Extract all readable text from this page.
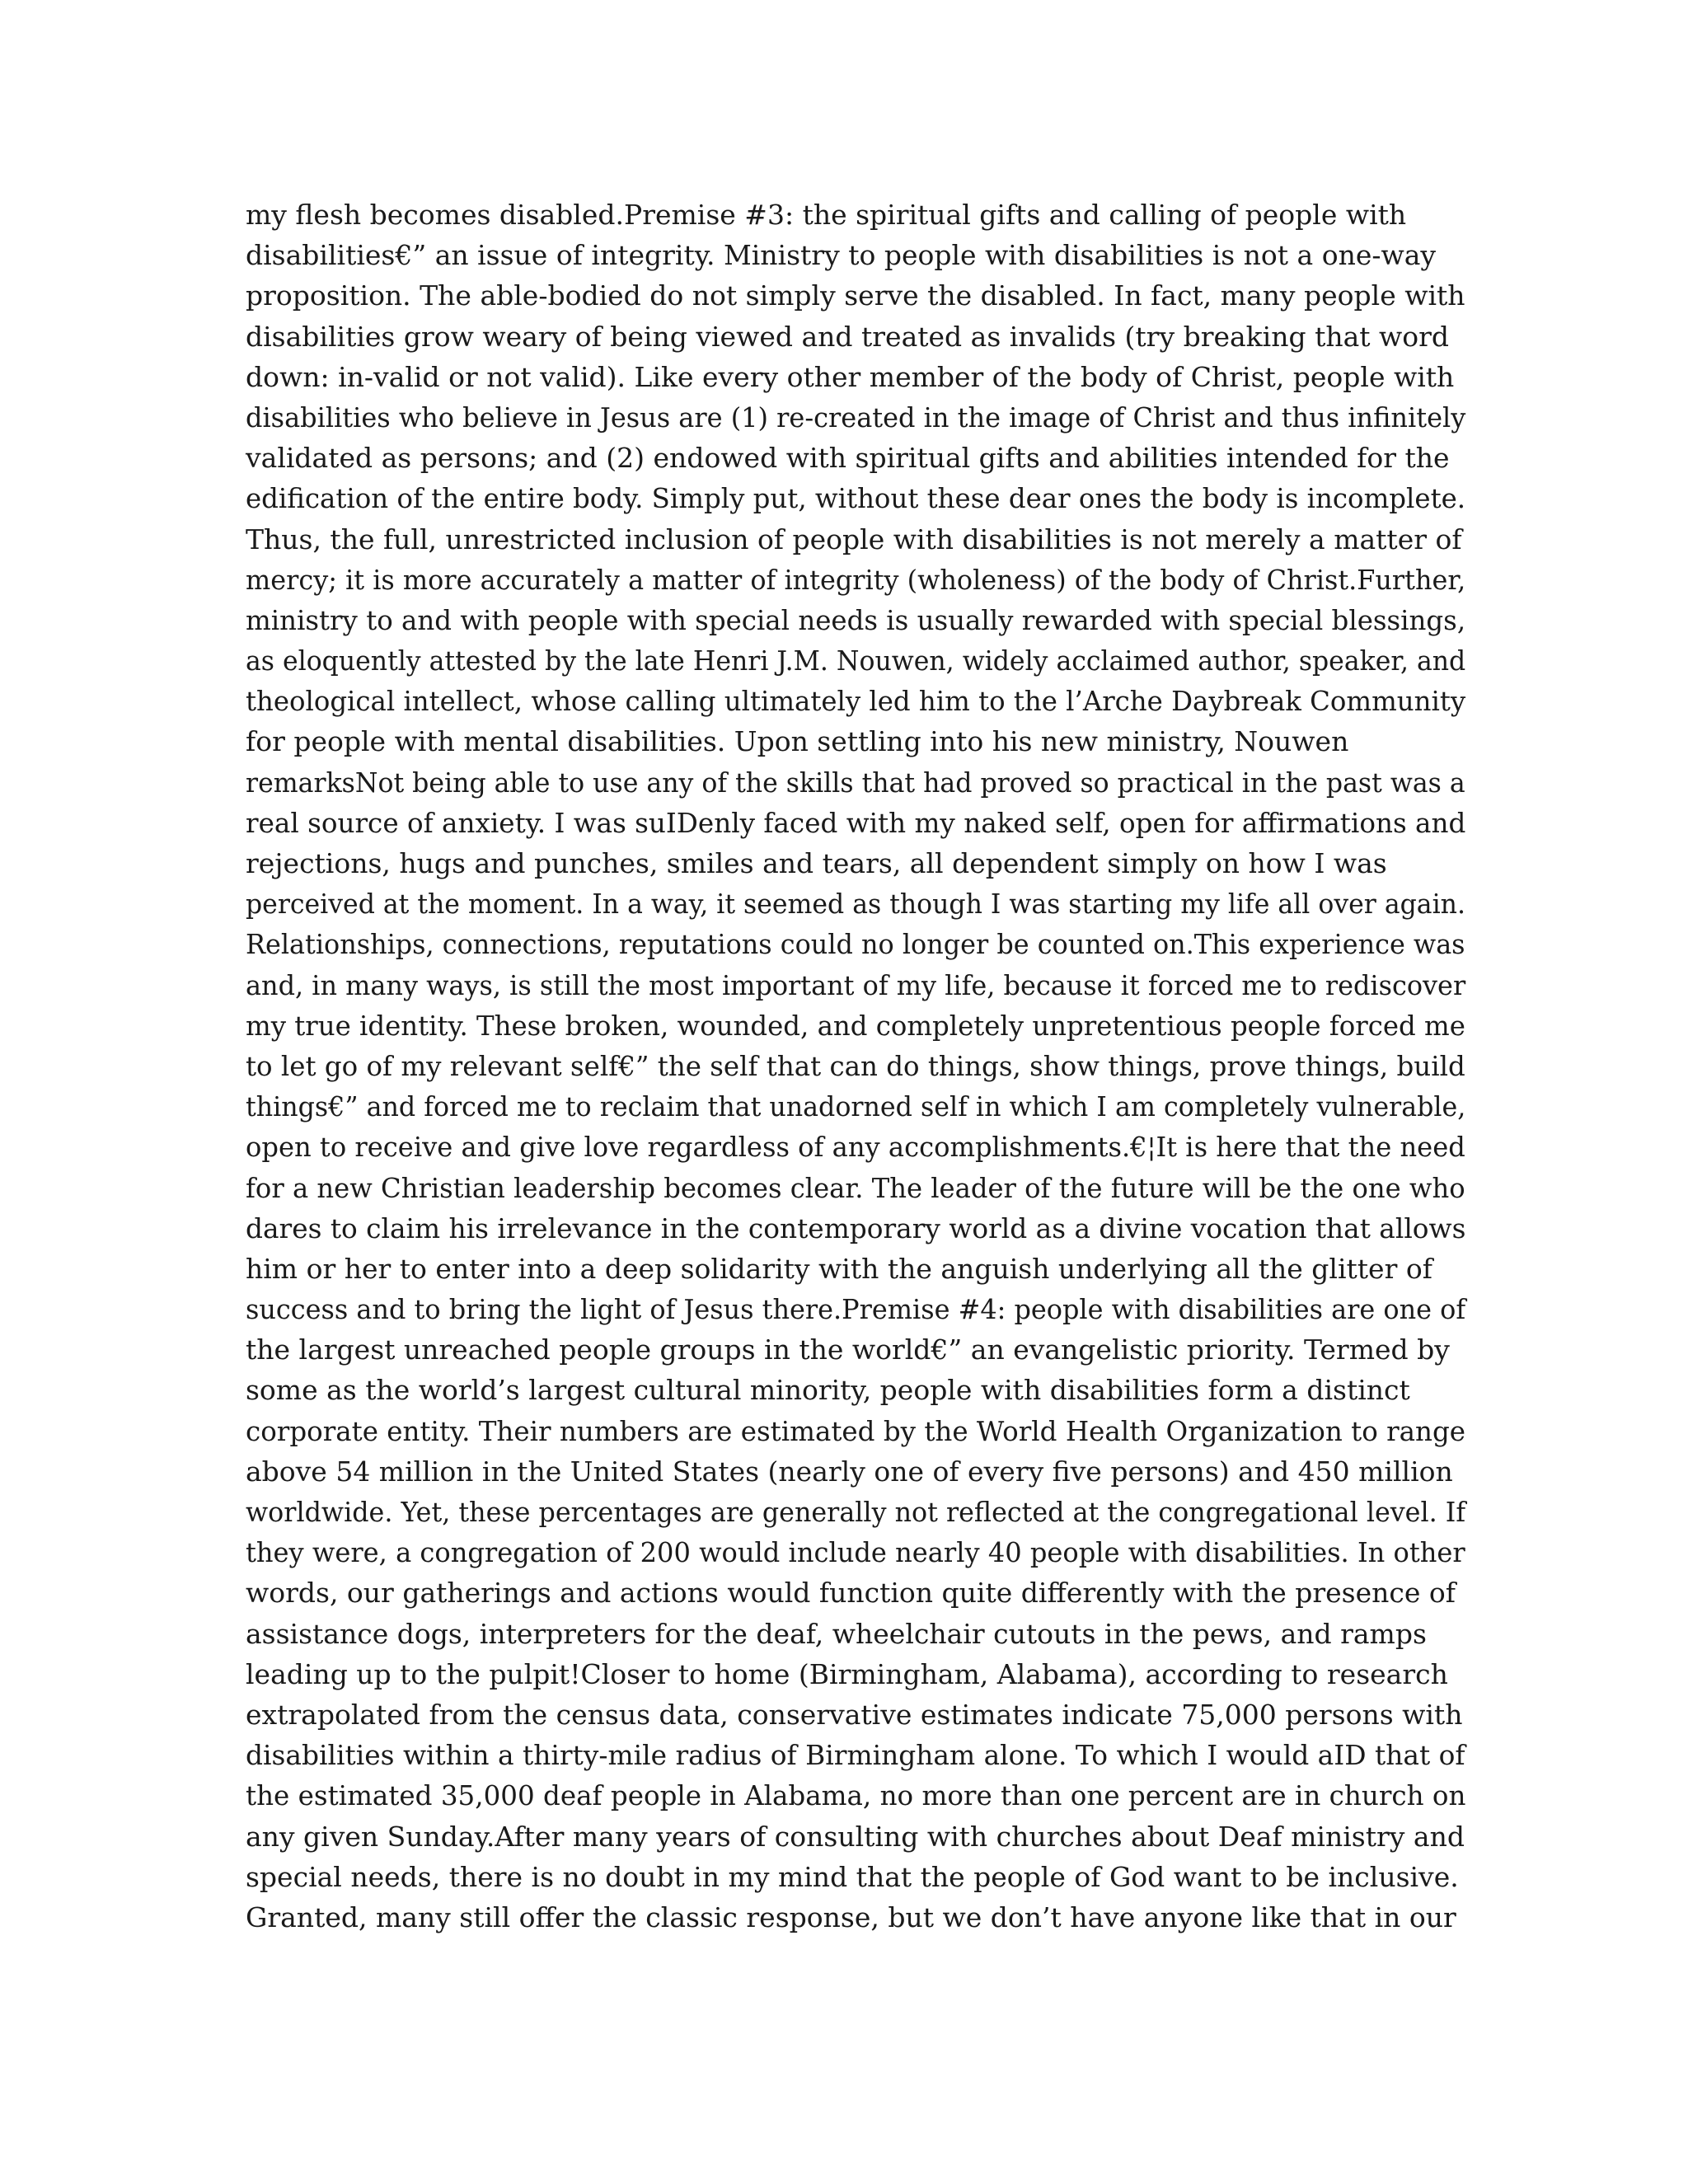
my flesh becomes disabled.Premise #3: the spiritual gifts and calling of people with
disabilities€” an issue of integrity. Ministry to people with disabilities is not a one-way
proposition. The able-bodied do not simply serve the disabled. In fact, many people with
disabilities grow weary of being viewed and treated as invalids (try breaking that word
down: in-valid or not valid). Like every other member of the body of Christ, people with
disabilities who believe in Jesus are (1) re-created in the image of Christ and thus infinitely
validated as persons; and (2) endowed with spiritual gifts and abilities intended for the
edification of the entire body. Simply put, without these dear ones the body is incomplete.
Thus, the full, unrestricted inclusion of people with disabilities is not merely a matter of
mercy; it is more accurately a matter of integrity (wholeness) of the body of Christ.Further,
ministry to and with people with special needs is usually rewarded with special blessings,
as eloquently attested by the late Henri J.M. Nouwen, widely acclaimed author, speaker, and
theological intellect, whose calling ultimately led him to the l’Arche Daybreak Community
for people with mental disabilities. Upon settling into his new ministry, Nouwen
remarksNot being able to use any of the skills that had proved so practical in the past was a
real source of anxiety. I was suIDenly faced with my naked self, open for affirmations and
rejections, hugs and punches, smiles and tears, all dependent simply on how I was
perceived at the moment. In a way, it seemed as though I was starting my life all over again.
Relationships, connections, reputations could no longer be counted on.This experience was
and, in many ways, is still the most important of my life, because it forced me to rediscover
my true identity. These broken, wounded, and completely unpretentious people forced me
to let go of my relevant self€” the self that can do things, show things, prove things, build
things€” and forced me to reclaim that unadorned self in which I am completely vulnerable,
open to receive and give love regardless of any accomplishments.€¦It is here that the need
for a new Christian leadership becomes clear. The leader of the future will be the one who
dares to claim his irrelevance in the contemporary world as a divine vocation that allows
him or her to enter into a deep solidarity with the anguish underlying all the glitter of
success and to bring the light of Jesus there.Premise #4: people with disabilities are one of
the largest unreached people groups in the world€” an evangelistic priority. Termed by
some as the world’s largest cultural minority, people with disabilities form a distinct
corporate entity. Their numbers are estimated by the World Health Organization to range
above 54 million in the United States (nearly one of every five persons) and 450 million
worldwide. Yet, these percentages are generally not reflected at the congregational level. If
they were, a congregation of 200 would include nearly 40 people with disabilities. In other
words, our gatherings and actions would function quite differently with the presence of
assistance dogs, interpreters for the deaf, wheelchair cutouts in the pews, and ramps
leading up to the pulpit!Closer to home (Birmingham, Alabama), according to research
extrapolated from the census data, conservative estimates indicate 75,000 persons with
disabilities within a thirty-mile radius of Birmingham alone. To which I would aID that of
the estimated 35,000 deaf people in Alabama, no more than one percent are in church on
any given Sunday.After many years of consulting with churches about Deaf ministry and
special needs, there is no doubt in my mind that the people of God want to be inclusive.
Granted, many still offer the classic response, but we don’t have anyone like that in our
